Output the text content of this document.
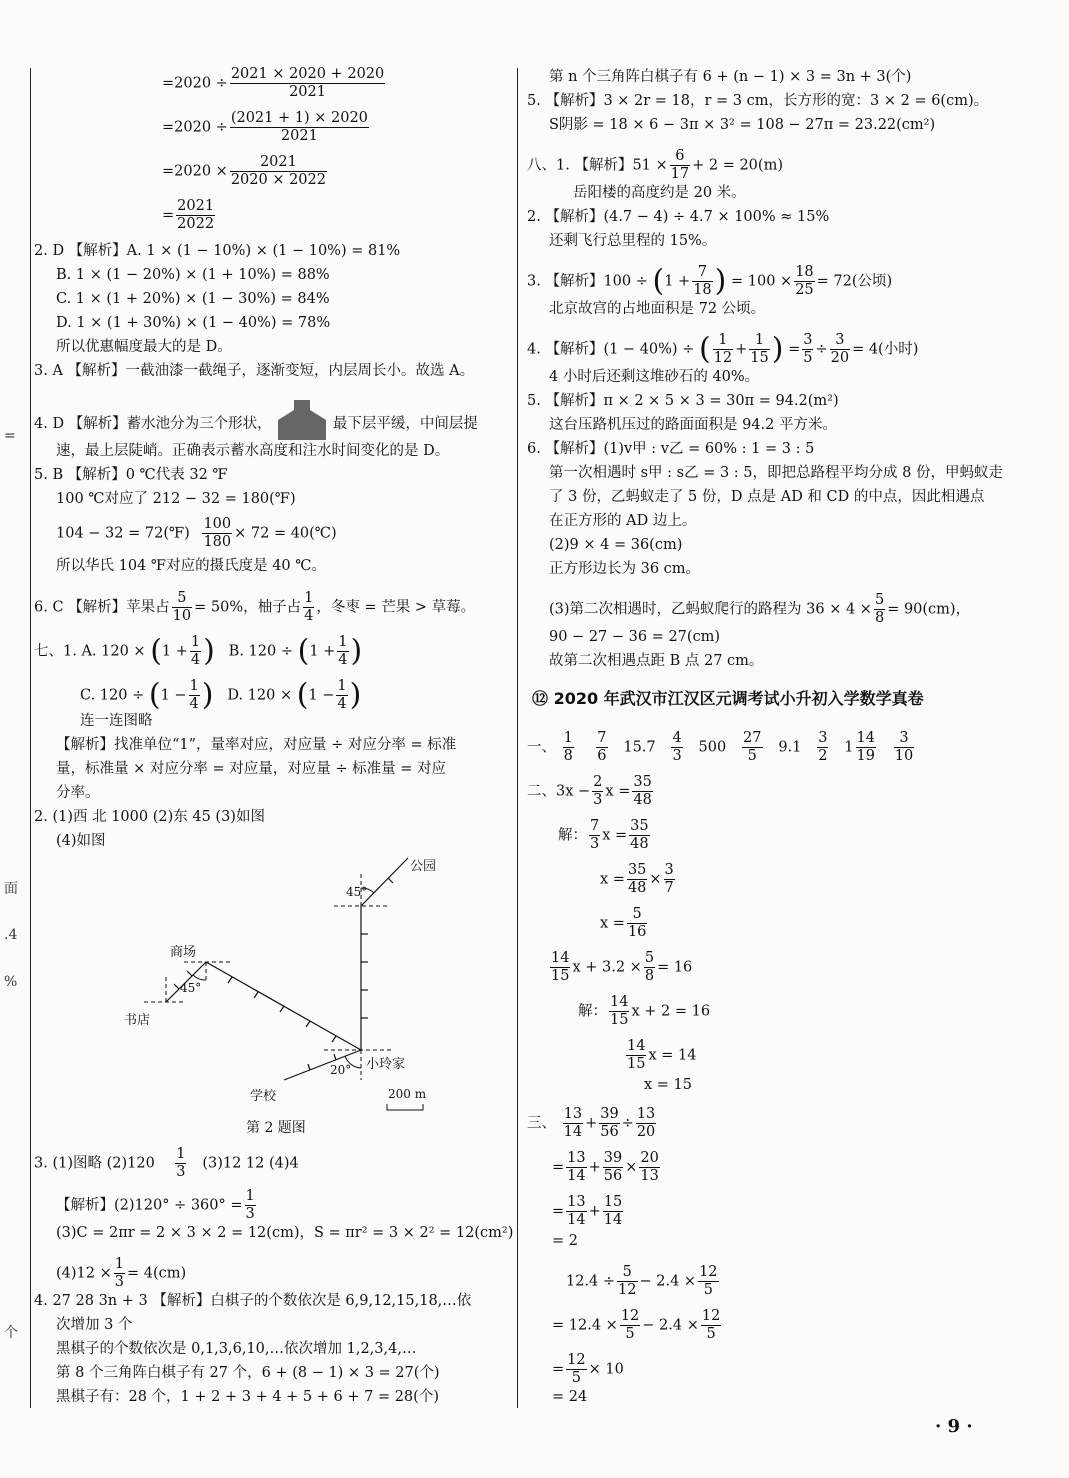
=
面
.4
%
个
$=2020 \div \frac{2021 \times 2020 + 2020}{2021}$
$=2020 \div \frac{(2021 + 1) \times 2020}{2021}$
$=2020 \times \frac{2021}{2020 \times 2022}$
= $\frac{2021}{2022}$
2. D 【解析】A. 1 × (1 − 10%) × (1 − 10%) = 81%
B. 1 × (1 − 20%) × (1 + 10%) = 88%
C. 1 × (1 + 20%) × (1 − 30%) = 84%
D. 1 × (1 + 30%) × (1 − 40%) = 78%
所以优惠幅度最大的是 D。
3. A 【解析】一截油漆一截绳子，逐渐变短，内层周长小。故选 A。
4. D 【解析】蓄水池分为三个形状，	最下层平缓，中间层提
速，最上层陡峭。正确表示蓄水高度和注水时间变化的是 D。
5. B 【解析】0 ℃代表 32 ℉
100 ℃对应了 212 − 32 = 180(℉)
104 − 32 = 72(℉) $\frac{100}{180} \times 72$ = 40(℃)
所以华氏 104 ℉对应的摄氏度是 40 ℃。
6. C 【解析】苹果占 $\frac{5}{10} = 50\%$，柚子占 $\frac{1}{4}$ ，冬枣 = 芒果 > 草莓。
七、1. A. $120 \times (1 + \frac{1}{4}$ ) B. $120 \div (1 + \frac{1}{4}$ )
C. $120 \div (1 - \frac{1}{4}$ ) D. $120 \times (1 - \frac{1}{4}$ )
连一连图略
【解析】找准单位“1”，量率对应，对应量 ÷ 对应分率 = 标准
量，标准量 × 对应分率 = 对应量，对应量 ÷ 标准量 = 对应
分率。
2. (1)西 北 1000 (2)东 45 (3)如图
(4)如图
公园
45°
商场
45°
书店
小玲家
20°
学校	200 m
第 2 题图
3. (1)图略 $(2)120 \frac{1}{3} (3)12$ 12 (4)4
【解析】$(2)120^\circ \div 360^\circ = \frac{1}{3}$
(3)C = 2πr = 2 × 3 × 2 = 12(cm)，S = πr² = 3 × 2² = 12(cm²)
$(4)12 \times \frac{1}{3} = 4(cm)$
4. 27 28 3n + 3 【解析】白棋子的个数依次是 6,9,12,15,18,…依
次增加 3 个
黑棋子的个数依次是 0,1,3,6,10,…依次增加 1,2,3,4,…
第 8 个三角阵白棋子有 27 个，6 + (8 − 1) × 3 = 27(个)
黑棋子有：28 个，1 + 2 + 3 + 4 + 5 + 6 + 7 = 28(个)
第 n 个三角阵白棋子有 6 + (n − 1) × 3 = 3n + 3(个)
5. 【解析】3 × 2r = 18，r = 3 cm，长方形的宽：3 × 2 = 6(cm)。
S阴影 = 18 × 6 − 3π × 3² = 108 − 27π = 23.22(cm²)
八、1. 【解析】$51 \times \frac{6}{17} + 2 = 20(m)$
岳阳楼的高度约是 20 米。
2. 【解析】(4.7 − 4) ÷ 4.7 × 100% ≈ 15%
还剩飞行总里程的 15%。
3. 【解析】$100 \div (1 + \frac{7}{18}$ ) = $100 \times \frac{18}{25} = 72$(公顷)
北京故宫的占地面积是 72 公顷。
4. 【解析】(1 − 40%) ÷ ( $\frac{1}{12} + \frac{1}{15}$ ) = $\frac{3}{5} \div \frac{3}{20} = 4$(小时)
4 小时后还剩这堆砂石的 40%。
5. 【解析】π × 2 × 5 × 3 = 30π = 94.2(m²)
这台压路机压过的路面面积是 94.2 平方米。
6. 【解析】(1)v甲 : v乙 = 60% : 1 = 3 : 5
第一次相遇时 s甲 : s乙 = 3 : 5，即把总路程平均分成 8 份，甲蚂蚁走
了 3 份，乙蚂蚁走了 5 份，D 点是 AD 和 CD 的中点，因此相遇点
在正方形的 AD 边上。
(2)9 × 4 = 36(cm)
正方形边长为 36 cm。
(3)第二次相遇时，乙蚂蚁爬行的路程为 $36 \times 4 \times \frac{5}{8} = 90(cm)$，
90 − 27 − 36 = 27(cm)
故第二次相遇点距 B 点 27 cm。
⑫ 2020 年武汉市江汉区元调考试小升初入学数学真卷
一、 $\frac{1}{8}$
$\frac{7}{6} 15.7 \frac{4}{3} 500 \frac{27}{5} 9.1 \frac{3}{2} 1 \frac{14}{19}$
$\frac{3}{10}$
二、$3x - \frac{2}{3}$ $x = \frac{35}{48}$
解： $\frac{7}{3}$ $x = \frac{35}{48}$
$x = \frac{35}{48} \times \frac{3}{7}$
$x = \frac{5}{16}$
$\frac{14}{15}$ $x + 3.2 \times \frac{5}{8} = 16$
解： $\frac{14}{15}$ x + 2 = 16
$\frac{14}{15}$ x = 14
x = 15
三、 $\frac{13}{14} + \frac{39}{56} \div \frac{13}{20}$
= $\frac{13}{14} + \frac{39}{56} \times \frac{20}{13}$
= $\frac{13}{14} + \frac{15}{14}$
= 2
$12.4 \div \frac{5}{12} - 2.4 \times \frac{12}{5}$
= $12.4 \times \frac{12}{5} - 2.4 \times \frac{12}{5}$
= $\frac{12}{5} \times 10$
= 24
· 9 ·
